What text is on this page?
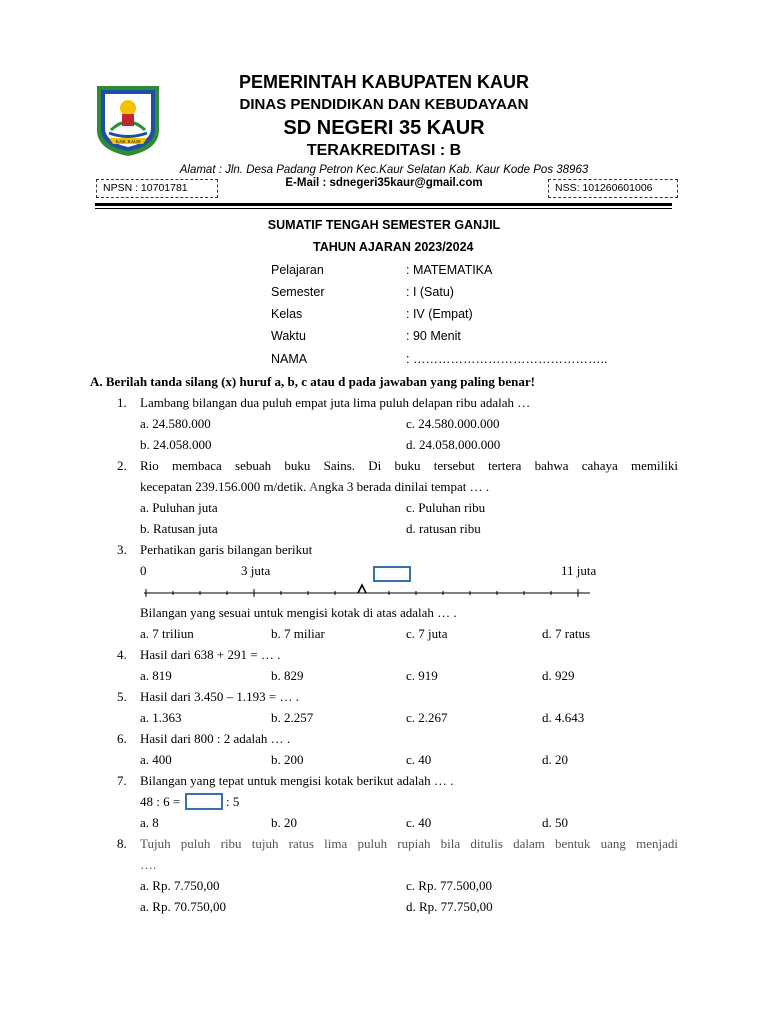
KAB. KAUR
PEMERINTAH KABUPATEN KAUR
DINAS PENDIDIKAN DAN KEBUDAYAAN
SD NEGERI 35 KAUR
TERAKREDITASI : B
Alamat : Jln. Desa Padang Petron Kec.Kaur Selatan Kab. Kaur Kode Pos 38963
E-Mail : sdnegeri35kaur@gmail.com
NPSN : 10701781	NSS: 101260601006
SUMATIF TENGAH SEMESTER GANJIL
TAHUN AJARAN 2023/2024
Pelajaran	: MATEMATIKA
Semester	: I (Satu)
Kelas	: IV (Empat)
Waktu	: 90 Menit
NAMA	: ………………………………………..
A. Berilah tanda silang (x) huruf a, b, c atau d pada jawaban yang paling benar!
1. Lambang bilangan dua puluh empat juta lima puluh delapan ribu adalah …
a. 24.580.000
b. 24.058.000
c. 24.580.000.000
d. 24.058.000.000
2. Rio membaca sebuah buku Sains. Di buku tersebut tertera bahwa cahaya memiliki
kecepatan 239.156.000 m/detik. Angka 3 berada dinilai tempat … .
a. Puluhan juta
b. Ratusan juta
c. Puluhan ribu
d. ratusan ribu
3. Perhatikan garis bilangan berikut
0	3 juta	11 juta
Bilangan yang sesuai untuk mengisi kotak di atas adalah … .
a. 7 triliun	b. 7 miliar	c. 7 juta	d. 7 ratus
4. Hasil dari 638 + 291 = … .
a. 819	b. 829	c. 919	d. 929
5. Hasil dari 3.450 – 1.193 = … .
a. 1.363	b. 2.257	c. 2.267	d. 4.643
6. Hasil dari 800 : 2 adalah … .
a. 400	b. 200	c. 40	d. 20
7. Bilangan yang tepat untuk mengisi kotak berikut adalah … .
48 : 6 =	: 5
a. 8	b. 20	c. 40	d. 50
8. Tujuh puluh ribu tujuh ratus lima puluh rupiah bila ditulis dalam bentuk uang menjadi
….
a. Rp. 7.750,00
a. Rp. 70.750,00
c. Rp. 77.500,00
d. Rp. 77.750,00
